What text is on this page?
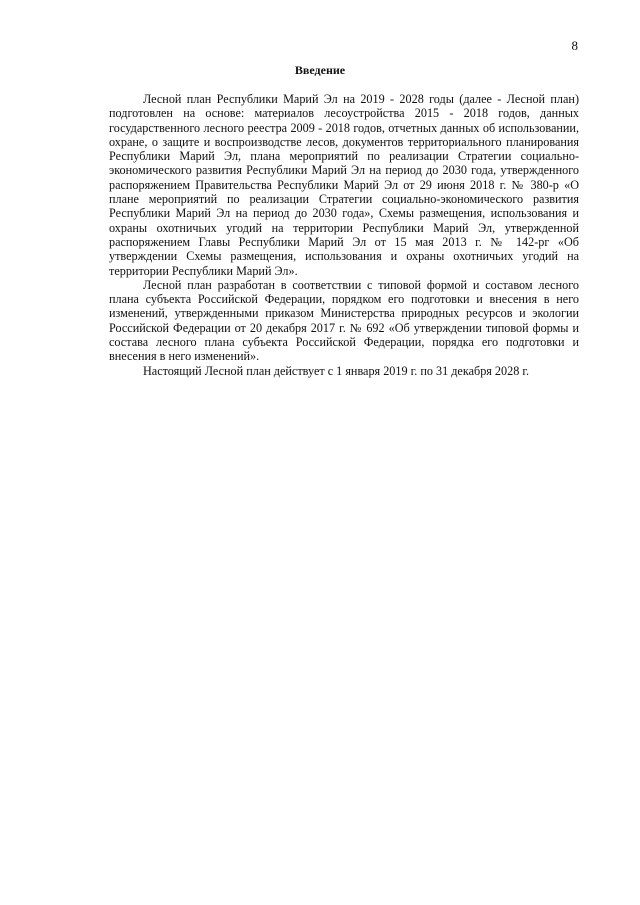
8
Введение

Лесной план Республики Марий Эл на 2019 - 2028 годы (далее - Лесной план) подготовлен на основе: материалов лесоустройства 2015 - 2018 годов, данных государственного лесного реестра 2009 - 2018 годов, отчетных данных об использовании, охране, о защите и воспроизводстве лесов, документов территориального планирования Республики Марий Эл, плана мероприятий по реализации Стратегии социально-экономического развития Республики Марий Эл на период до 2030 года, утвержденного распоряжением Правительства Республики Марий Эл от 29 июня 2018 г. № 380-р «О плане мероприятий по реализации Стратегии социально-экономического развития Республики Марий Эл на период до 2030 года», Схемы размещения, использования и охраны охотничьих угодий на территории Республики Марий Эл, утвержденной распоряжением Главы Республики Марий Эл от 15 мая 2013 г. № 142-рг «Об утверждении Схемы размещения, использования и охраны охотничьих угодий на территории Республики Марий Эл».

Лесной план разработан в соответствии с типовой формой и составом лесного плана субъекта Российской Федерации, порядком его подготовки и внесения в него изменений, утвержденными приказом Министерства природных ресурсов и экологии Российской Федерации от 20 декабря 2017 г. № 692 «Об утверждении типовой формы и состава лесного плана субъекта Российской Федерации, порядка его подготовки и внесения в него изменений».

Настоящий Лесной план действует с 1 января 2019 г. по 31 декабря 2028 г.
